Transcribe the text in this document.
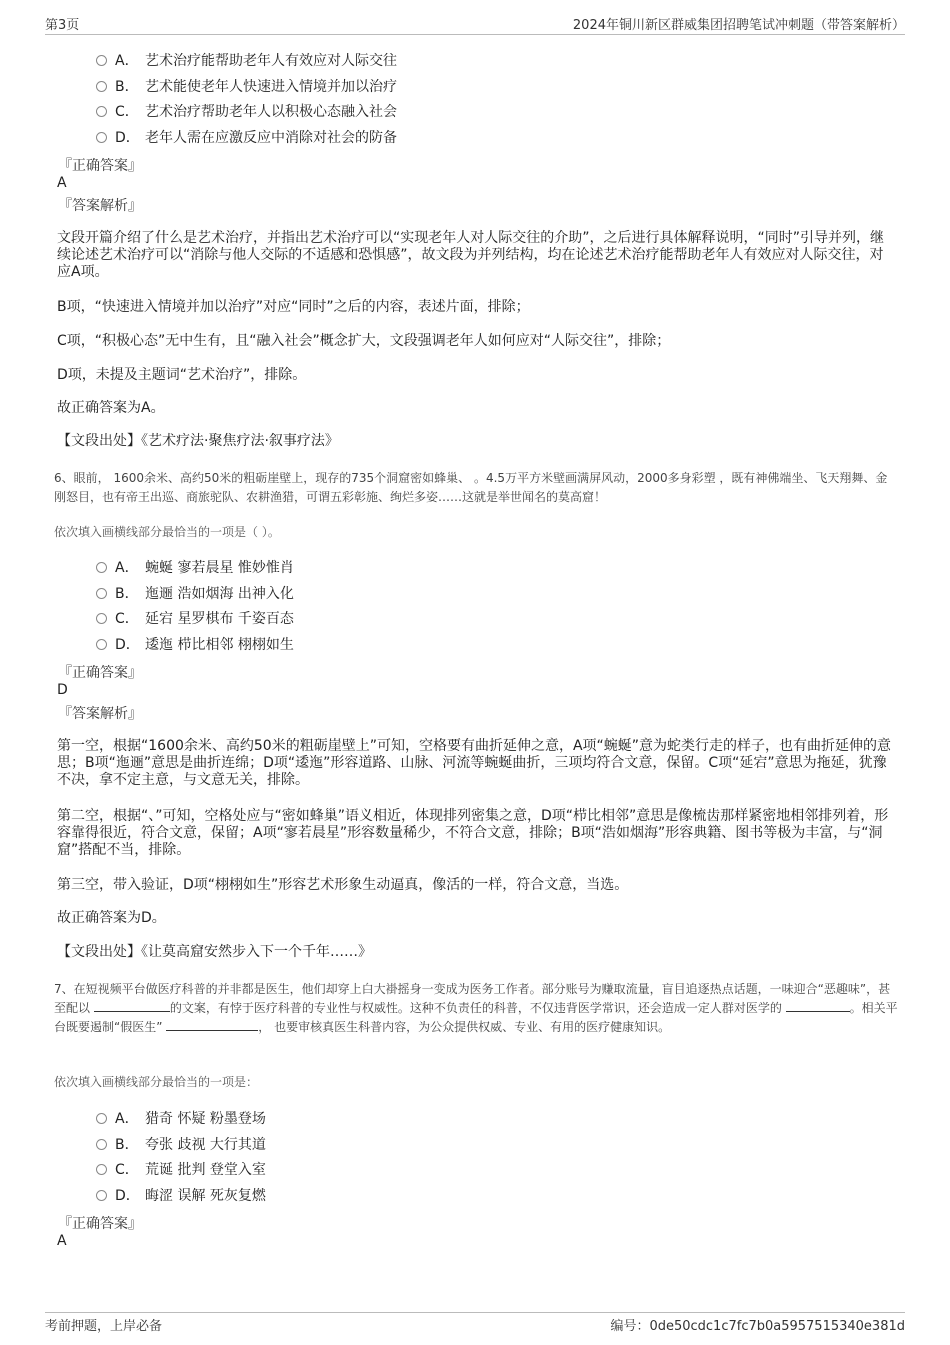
第3页	2024年铜川新区群威集团招聘笔试冲刺题（带答案解析）
A． 艺术治疗能帮助老年人有效应对人际交往
B． 艺术能使老年人快速进入情境并加以治疗
C． 艺术治疗帮助老年人以积极心态融入社会
D． 老年人需在应激反应中消除对社会的防备
『正确答案』
A
『答案解析』
文段开篇介绍了什么是艺术治疗，并指出艺术治疗可以“实现老年人对人际交往的介助”，之后进行具体解释说明，“同时”引导并列，继续论述艺术治疗可以“消除与他人交际的不适感和恐惧感”，故文段为并列结构，均在论述艺术治疗能帮助老年人有效应对人际交往，对应A项。
B项，“快速进入情境并加以治疗”对应“同时”之后的内容，表述片面，排除；
C项，“积极心态”无中生有，且“融入社会”概念扩大，文段强调老年人如何应对“人际交往”，排除；
D项，未提及主题词“艺术治疗”，排除。
故正确答案为A。
【文段出处】《艺术疗法·聚焦疗法·叙事疗法》
6、眼前， 1600余米、高约50米的粗砺崖壁上，现存的735个洞窟密如蜂巢、 。4.5万平方米壁画满屏风动，2000多身彩塑 ，既有神佛端坐、飞天翔舞、金刚怒目，也有帝王出巡、商旅驼队、农耕渔猎，可谓五彩彰施、绚烂多姿……这就是举世闻名的莫高窟！
依次填入画横线部分最恰当的一项是（ ）。
A． 蜿蜒 寥若晨星 惟妙惟肖
B． 迤逦 浩如烟海 出神入化
C． 延宕 星罗棋布 千姿百态
D． 逶迤 栉比相邻 栩栩如生
『正确答案』
D
『答案解析』
第一空，根据“1600余米、高约50米的粗砺崖壁上”可知，空格要有曲折延伸之意，A项“蜿蜒”意为蛇类行走的样子，也有曲折延伸的意思；B项“迤逦”意思是曲折连绵；D项“逶迤”形容道路、山脉、河流等蜿蜒曲折，三项均符合文意，保留。C项“延宕”意思为拖延，犹豫不决，拿不定主意，与文意无关，排除。
第二空，根据“、”可知，空格处应与“密如蜂巢”语义相近，体现排列密集之意，D项“栉比相邻”意思是像梳齿那样紧密地相邻排列着，形容靠得很近，符合文意，保留；A项“寥若晨星”形容数量稀少，不符合文意，排除；B项“浩如烟海”形容典籍、图书等极为丰富，与“洞窟”搭配不当，排除。
第三空，带入验证，D项“栩栩如生”形容艺术形象生动逼真，像活的一样，符合文意，当选。
故正确答案为D。
【文段出处】《让莫高窟安然步入下一个千年……》
7、在短视频平台做医疗科普的并非都是医生，他们却穿上白大褂摇身一变成为医务工作者。部分账号为赚取流量，盲目追逐热点话题，一味迎合“恶趣味”，甚至配以	的文案，有悖于医疗科普的专业性与权威性。这种不负责任的科普，不仅违背医学常识，还会造成一定人群对医学的	。相关平台既要遏制“假医生”	， 也要审核真医生科普内容，为公众提供权威、专业、有用的医疗健康知识。
依次填入画横线部分最恰当的一项是：
A． 猎奇 怀疑 粉墨登场
B． 夸张 歧视 大行其道
C． 荒诞 批判 登堂入室
D． 晦涩 误解 死灰复燃
『正确答案』
A
考前押题，上岸必备	编号：0de50cdc1c7fc7b0a5957515340e381d
